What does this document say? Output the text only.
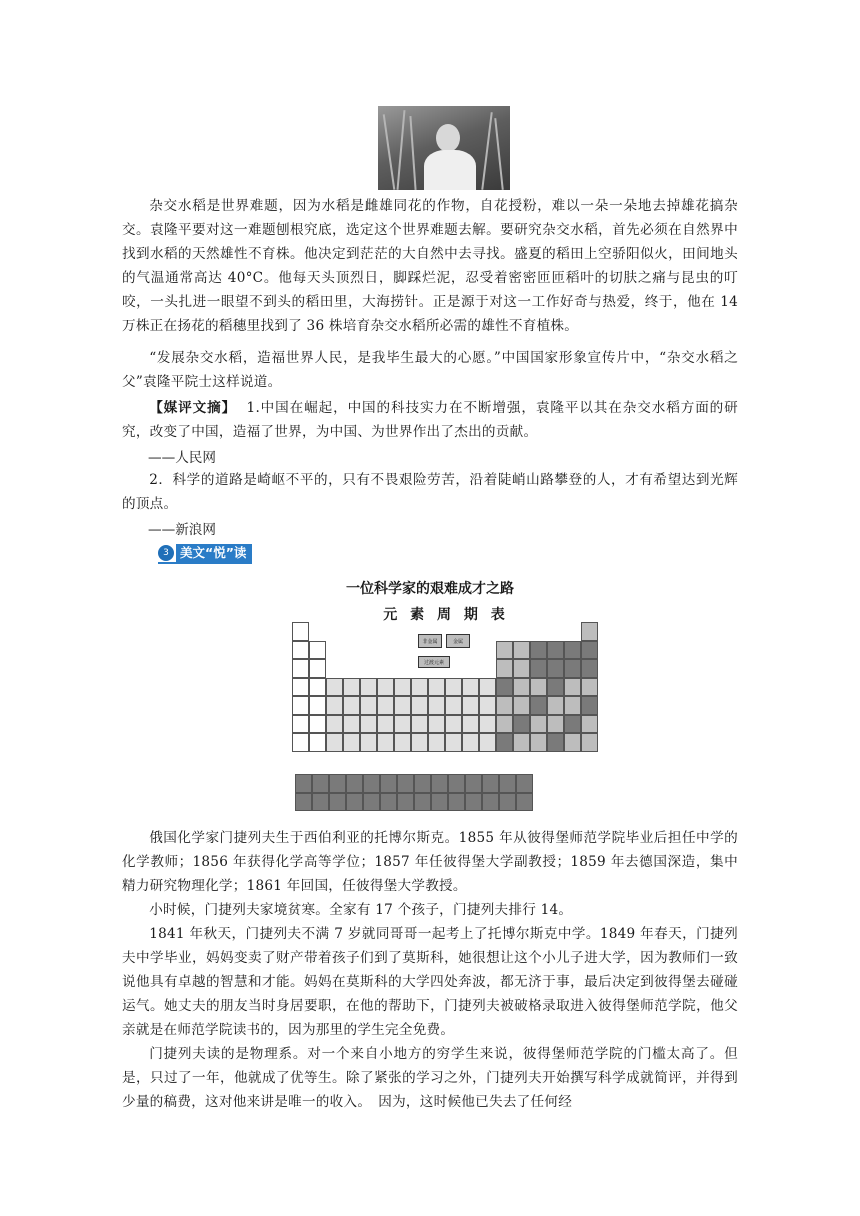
杂交水稻是世界难题，因为水稻是雌雄同花的作物，自花授粉，难以一朵一朵地去掉雄花搞杂交。袁隆平要对这一难题刨根究底，选定这个世界难题去解。要研究杂交水稻，首先必须在自然界中找到水稻的天然雄性不育株。他决定到茫茫的大自然中去寻找。盛夏的稻田上空骄阳似火，田间地头的气温通常高达 40°C。他每天头顶烈日，脚踩烂泥，忍受着密密匝匝稻叶的切肤之痛与昆虫的叮咬，一头扎进一眼望不到头的稻田里，大海捞针。正是源于对这一工作好奇与热爱，终于，他在 14 万株正在扬花的稻穗里找到了 36 株培育杂交水稻所必需的雄性不育植株。

“发展杂交水稻，造福世界人民，是我毕生最大的心愿。”中国国家形象宣传片中，“杂交水稻之父”袁隆平院士这样说道。

【媒评文摘】 1.中国在崛起，中国的科技实力在不断增强，袁隆平以其在杂交水稻方面的研究，改变了中国，造福了世界，为中国、为世界作出了杰出的贡献。

——人民网

2．科学的道路是崎岖不平的，只有不畏艰险劳苦，沿着陡峭山路攀登的人，才有希望达到光辉的顶点。

——新浪网

3 美文“悦”读
一位科学家的艰难成才之路
元 素 周 期 表
非金属	金属
过渡元素

俄国化学家门捷列夫生于西伯利亚的托博尔斯克。1855 年从彼得堡师范学院毕业后担任中学的化学教师；1856 年获得化学高等学位；1857 年任彼得堡大学副教授；1859 年去德国深造，集中精力研究物理化学；1861 年回国，任彼得堡大学教授。

小时候，门捷列夫家境贫寒。全家有 17 个孩子，门捷列夫排行 14。

1841 年秋天，门捷列夫不满 7 岁就同哥哥一起考上了托博尔斯克中学。1849 年春天，门捷列夫中学毕业，妈妈变卖了财产带着孩子们到了莫斯科，她很想让这个小儿子进大学，因为教师们一致说他具有卓越的智慧和才能。妈妈在莫斯科的大学四处奔波，都无济于事，最后决定到彼得堡去碰碰运气。她丈夫的朋友当时身居要职，在他的帮助下，门捷列夫被破格录取进入彼得堡师范学院，他父亲就是在师范学院读书的，因为那里的学生完全免费。

门捷列夫读的是物理系。对一个来自小地方的穷学生来说，彼得堡师范学院的门槛太高了。但是，只过了一年，他就成了优等生。除了紧张的学习之外，门捷列夫开始撰写科学成就简评，并得到少量的稿费，这对他来讲是唯一的收入。　因为，这时候他已失去了任何经
